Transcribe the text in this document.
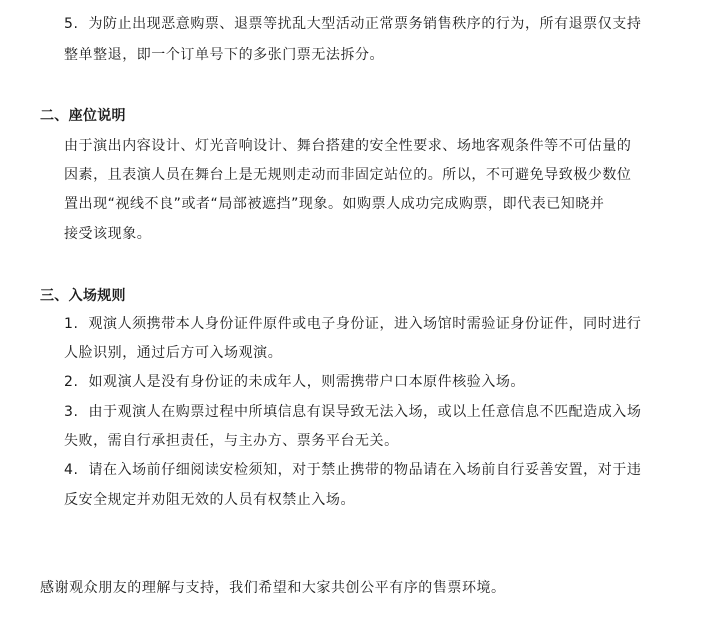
5. 为防止出现恶意购票、退票等扰乱大型活动正常票务销售秩序的行为，所有退票仅支持
整单整退，即一个订单号下的多张门票无法拆分。
二、座位说明
由于演出内容设计、灯光音响设计、舞台搭建的安全性要求、场地客观条件等不可估量的
因素，且表演人员在舞台上是无规则走动而非固定站位的。所以，不可避免导致极少数位
置出现“视线不良”或者“局部被遮挡”现象。如购票人成功完成购票，即代表已知晓并
接受该现象。
三、入场规则
1. 观演人须携带本人身份证件原件或电子身份证，进入场馆时需验证身份证件，同时进行
人脸识别，通过后方可入场观演。
2. 如观演人是没有身份证的未成年人，则需携带户口本原件核验入场。
3. 由于观演人在购票过程中所填信息有误导致无法入场，或以上任意信息不匹配造成入场
失败，需自行承担责任，与主办方、票务平台无关。
4. 请在入场前仔细阅读安检须知，对于禁止携带的物品请在入场前自行妥善安置，对于违
反安全规定并劝阻无效的人员有权禁止入场。
感谢观众朋友的理解与支持，我们希望和大家共创公平有序的售票环境。
